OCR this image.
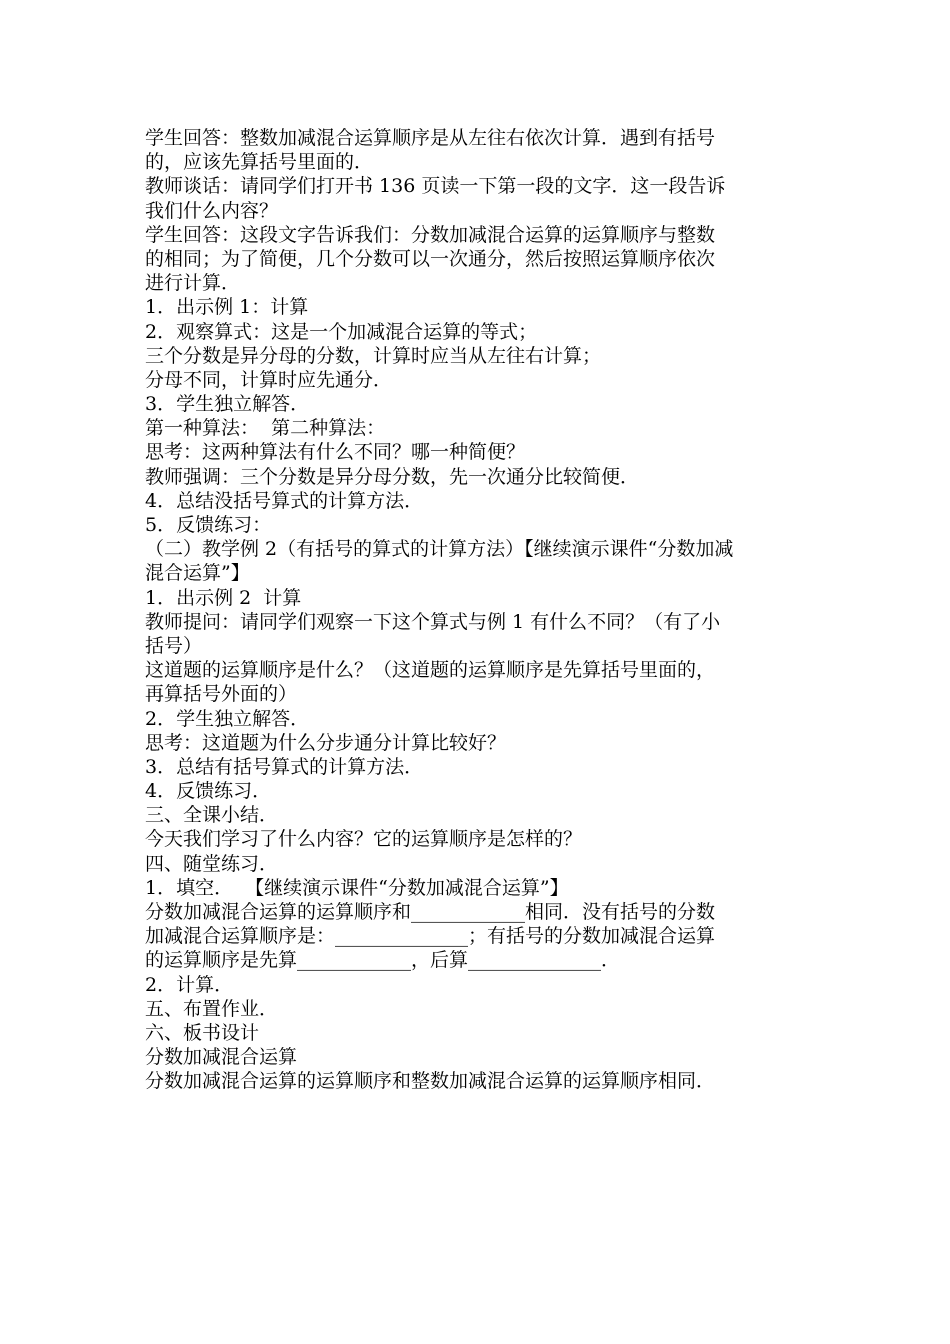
学生回答：整数加减混合运算顺序是从左往右依次计算．遇到有括号
的，应该先算括号里面的．
教师谈话：请同学们打开书 136 页读一下第一段的文字．这一段告诉
我们什么内容？
学生回答：这段文字告诉我们：分数加减混合运算的运算顺序与整数
的相同；为了简便，几个分数可以一次通分，然后按照运算顺序依次
进行计算．
1．出示例 1：计算
2．观察算式：这是一个加减混合运算的等式；
三个分数是异分母的分数，计算时应当从左往右计算；
分母不同，计算时应先通分．
3．学生独立解答．
第一种算法：  第二种算法：
思考：这两种算法有什么不同？哪一种简便？
教师强调：三个分数是异分母分数，先一次通分比较简便．
4．总结没括号算式的计算方法．
5．反馈练习：
（二）教学例 2（有括号的算式的计算方法）【继续演示课件“分数加减
混合运算”】
1．出示例 2  计算
教师提问：请同学们观察一下这个算式与例 1 有什么不同？（有了小
括号）
这道题的运算顺序是什么？（这道题的运算顺序是先算括号里面的，
再算括号外面的）
2．学生独立解答．
思考：这道题为什么分步通分计算比较好？
3．总结有括号算式的计算方法．
4．反馈练习．
三、全课小结．
今天我们学习了什么内容？它的运算顺序是怎样的？
四、随堂练习．
1．填空．  【继续演示课件“分数加减混合运算”】
分数加减混合运算的运算顺序和____________相同．没有括号的分数
加减混合运算顺序是：______________；有括号的分数加减混合运算
的运算顺序是先算____________，后算______________．
2．计算．
五、布置作业．
六、板书设计
分数加减混合运算
分数加减混合运算的运算顺序和整数加减混合运算的运算顺序相同．
